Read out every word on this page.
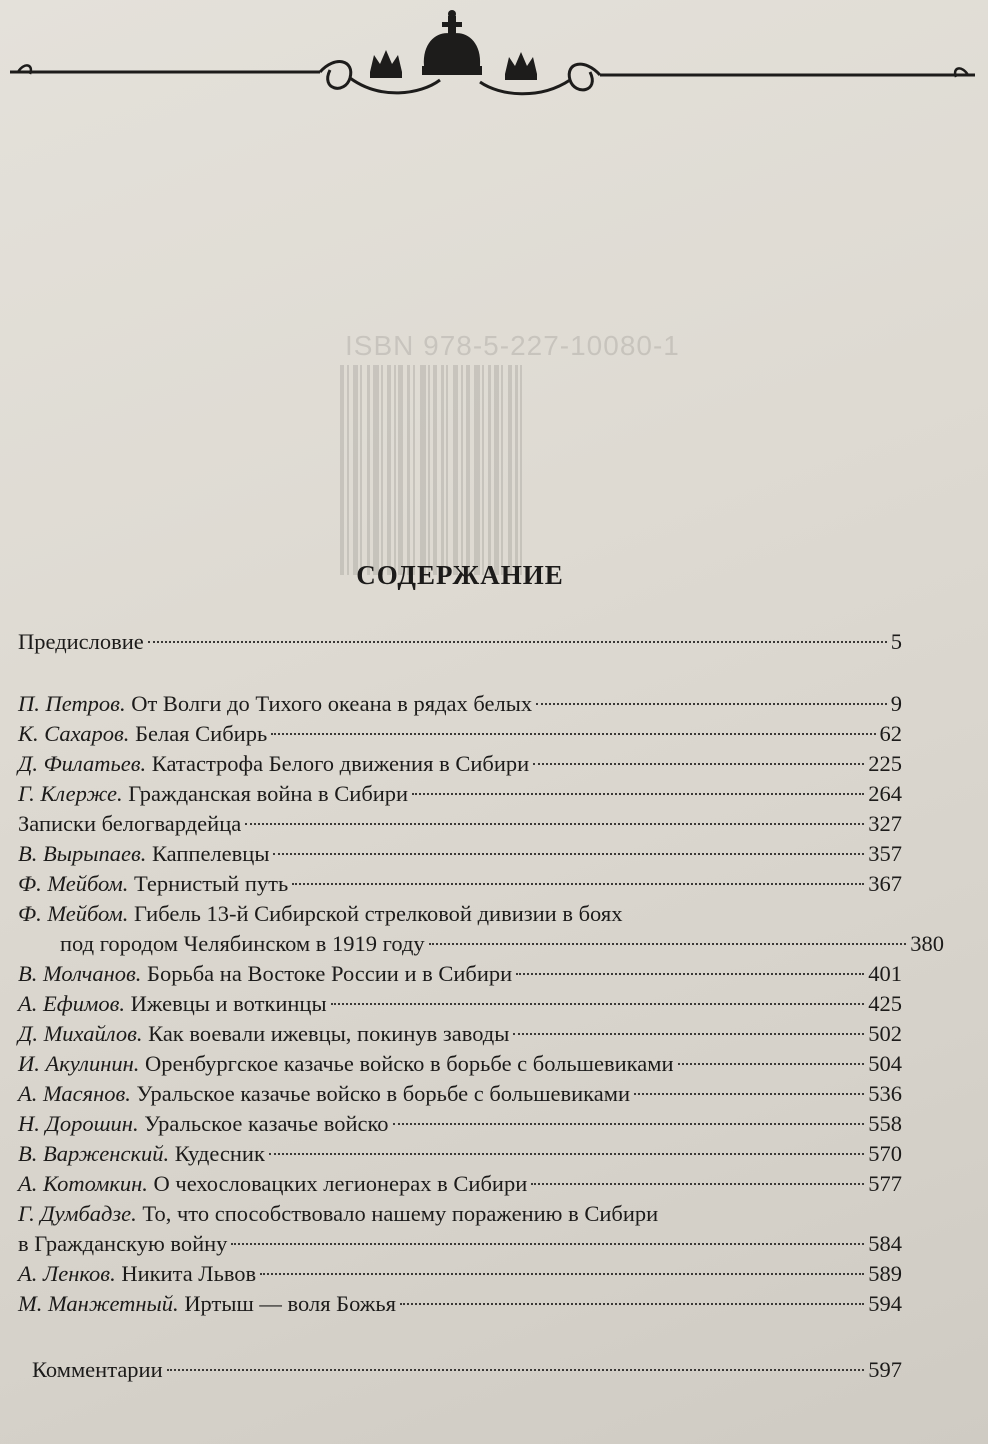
ISBN 978-5-227-10080-1
СОДЕРЖАНИЕ
Предисловие	5
П. Петров. От Волги до Тихого океана в рядах белых	9
К. Сахаров. Белая Сибирь	62
Д. Филатьев. Катастрофа Белого движения в Сибири	225
Г. Клерже. Гражданская война в Сибири	264
Записки белогвардейца	327
В. Вырыпаев. Каппелевцы	357
Ф. Мейбом. Тернистый путь	367
Ф. Мейбом. Гибель 13-й Сибирской стрелковой дивизии в боях
под городом Челябинском в 1919 году	380
В. Молчанов. Борьба на Востоке России и в Сибири	401
А. Ефимов. Ижевцы и воткинцы	425
Д. Михайлов. Как воевали ижевцы, покинув заводы	502
И. Акулинин. Оренбургское казачье войско в борьбе с большевиками	504
А. Масянов. Уральское казачье войско в борьбе с большевиками	536
Н. Дорошин. Уральское казачье войско	558
В. Варженский. Кудесник	570
А. Котомкин. О чехословацких легионерах в Сибири	577
Г. Думбадзе. То, что способствовало нашему поражению в Сибири
в Гражданскую войну	584
А. Ленков. Никита Львов	589
М. Манжетный. Иртыш — воля Божья	594
Комментарии	597
